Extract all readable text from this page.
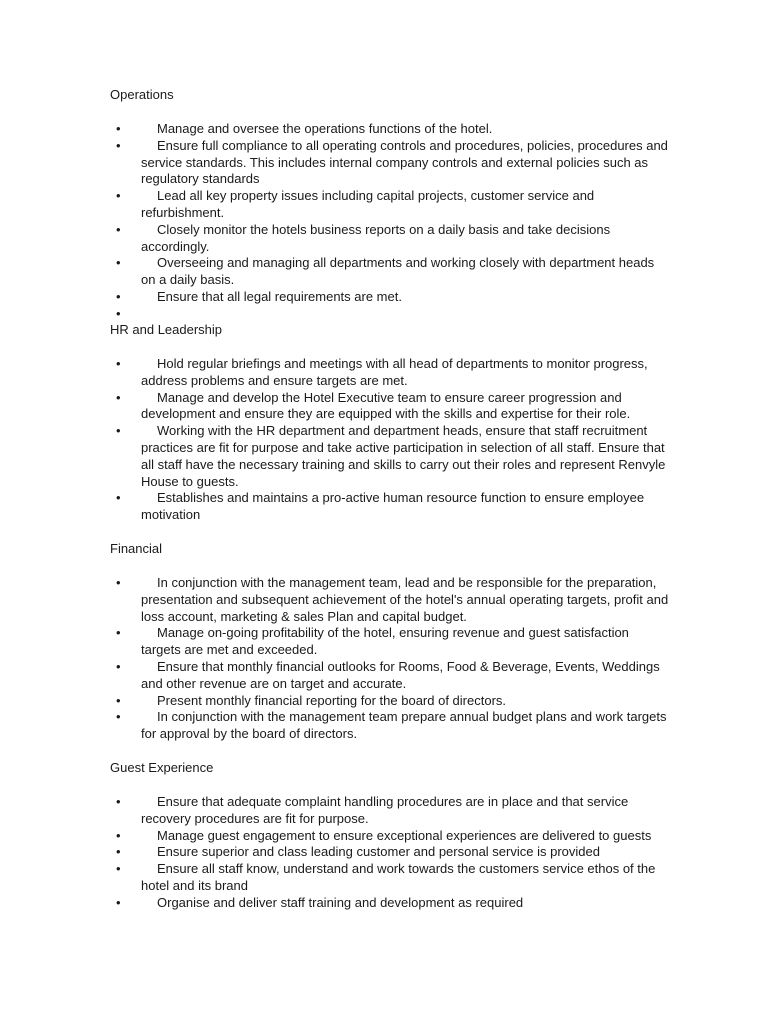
Operations
•	Manage and oversee the operations functions of the hotel.
•	Ensure full compliance to all operating controls and procedures, policies, procedures and service standards. This includes internal company controls and external policies such as regulatory standards
•	Lead all key property issues including capital projects, customer service and refurbishment.
•	Closely monitor the hotels business reports on a daily basis and take decisions accordingly.
•	Overseeing and managing all departments and working closely with department heads on a daily basis.
•	Ensure that all legal requirements are met.
•
HR and Leadership
•	Hold regular briefings and meetings with all head of departments to monitor progress, address problems and ensure targets are met.
•	Manage and develop the Hotel Executive team to ensure career progression and development and ensure they are equipped with the skills and expertise for their role.
•	Working with the HR department and department heads, ensure that staff recruitment practices are fit for purpose and take active participation in selection of all staff. Ensure that all staff have the necessary training and skills to carry out their roles and represent Renvyle House to guests.
•	Establishes and maintains a pro-active human resource function to ensure employee motivation
Financial
•	In conjunction with the management team, lead and be responsible for the preparation, presentation and subsequent achievement of the hotel's annual operating targets, profit and loss account, marketing & sales Plan and capital budget.
•	Manage on-going profitability of the hotel, ensuring revenue and guest satisfaction targets are met and exceeded.
•	Ensure that monthly financial outlooks for Rooms, Food & Beverage, Events, Weddings and other revenue are on target and accurate.
•	Present monthly financial reporting for the board of directors.
•	In conjunction with the management team prepare annual budget plans and work targets for approval by the board of directors.
Guest Experience
•	Ensure that adequate complaint handling procedures are in place and that service recovery procedures are fit for purpose.
•	Manage guest engagement to ensure exceptional experiences are delivered to guests
•	Ensure superior and class leading customer and personal service is provided
•	Ensure all staff know, understand and work towards the customers service ethos of the hotel and its brand
•	Organise and deliver staff training and development as required
